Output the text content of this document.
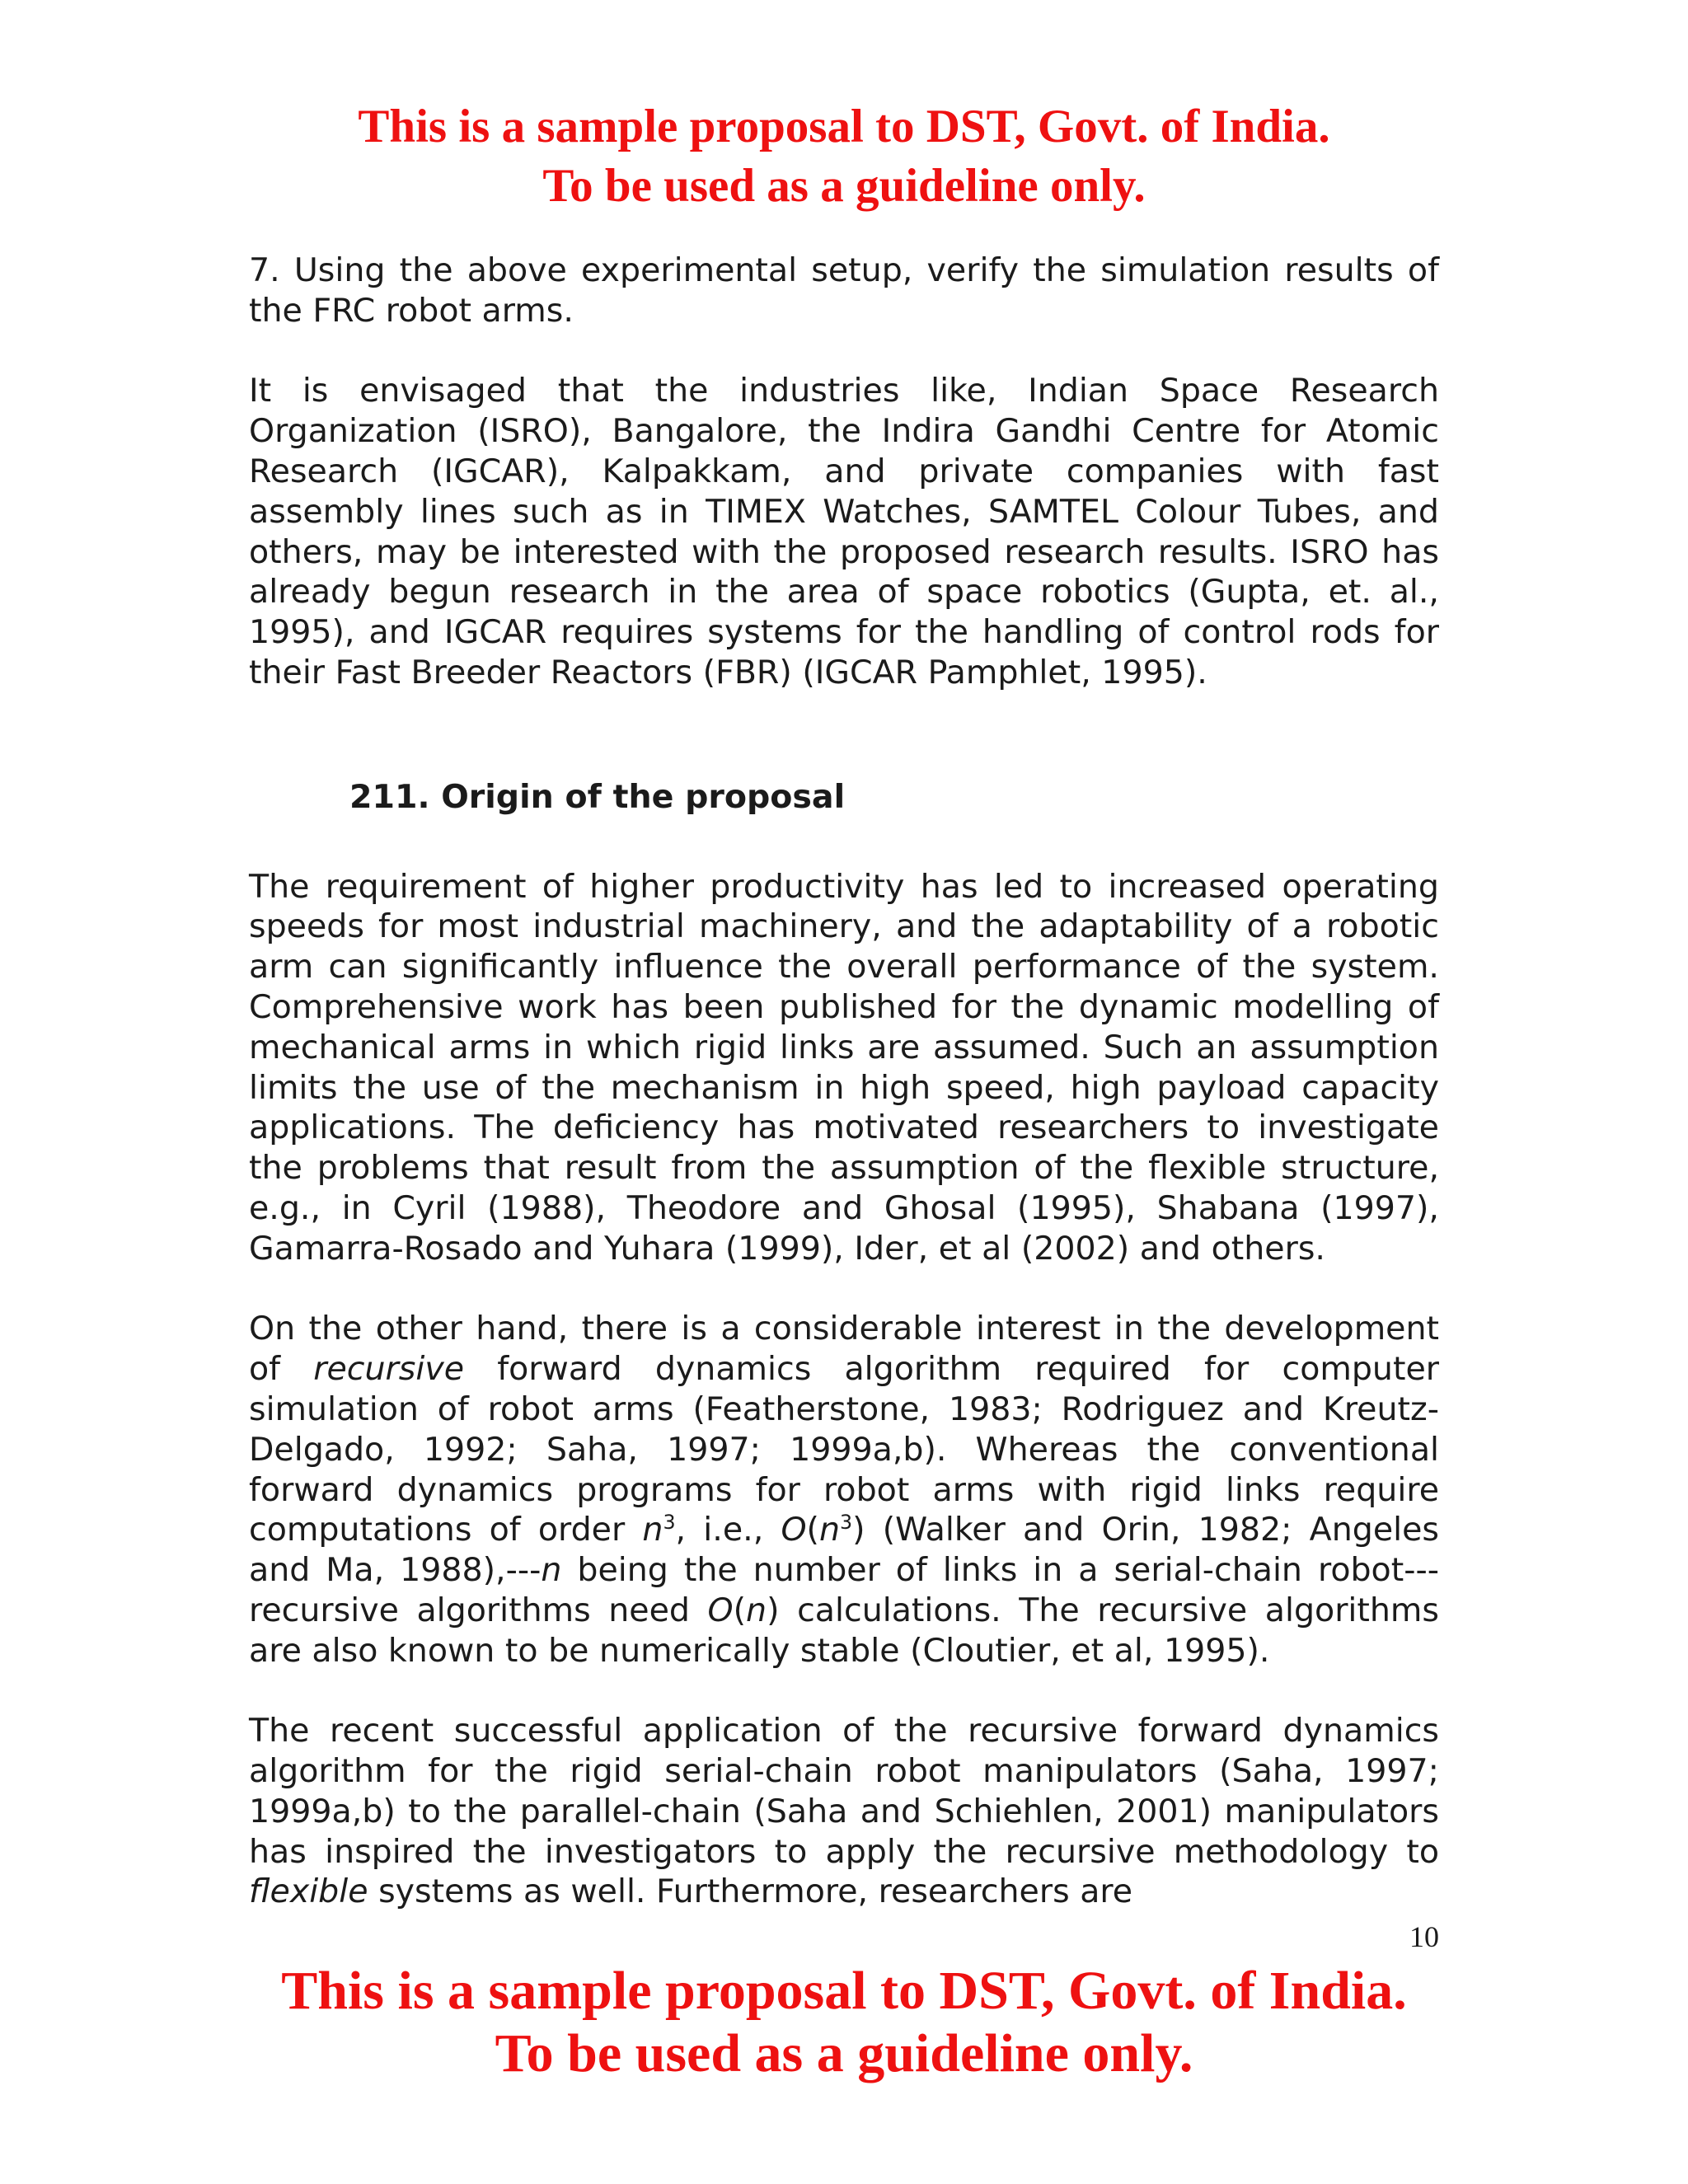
This is a sample proposal to DST, Govt. of India.
To be used as a guideline only.

7. Using the above experimental setup, verify the simulation results of the FRC robot arms.

It is envisaged that the industries like, Indian Space Research Organization (ISRO), Bangalore, the Indira Gandhi Centre for Atomic Research (IGCAR), Kalpakkam, and private companies with fast assembly lines such as in TIMEX Watches, SAMTEL Colour Tubes, and others, may be interested with the proposed research results. ISRO has already begun research in the area of space robotics (Gupta, et. al., 1995), and IGCAR requires systems for the handling of control rods for their Fast Breeder Reactors (FBR) (IGCAR Pamphlet, 1995).

211. Origin of the proposal

The requirement of higher productivity has led to increased operating speeds for most industrial machinery, and the adaptability of a robotic arm can significantly influence the overall performance of the system. Comprehensive work has been published for the dynamic modelling of mechanical arms in which rigid links are assumed. Such an assumption limits the use of the mechanism in high speed, high payload capacity applications. The deficiency has motivated researchers to investigate the problems that result from the assumption of the flexible structure, e.g., in Cyril (1988), Theodore and Ghosal (1995), Shabana (1997), Gamarra-Rosado and Yuhara (1999), Ider, et al (2002) and others.

On the other hand, there is a considerable interest in the development of recursive forward dynamics algorithm required for computer simulation of robot arms (Featherstone, 1983; Rodriguez and Kreutz-Delgado, 1992; Saha, 1997; 1999a,b). Whereas the conventional forward dynamics programs for robot arms with rigid links require computations of order $n^3$, i.e., $O(n^3)$ (Walker and Orin, 1982; Angeles and Ma, 1988),---n being the number of links in a serial-chain robot---recursive algorithms need O(n) calculations. The recursive algorithms are also known to be numerically stable (Cloutier, et al, 1995).

The recent successful application of the recursive forward dynamics algorithm for the rigid serial-chain robot manipulators (Saha, 1997; 1999a,b) to the parallel-chain (Saha and Schiehlen, 2001) manipulators has inspired the investigators to apply the recursive methodology to flexible systems as well. Furthermore, researchers are

10
This is a sample proposal to DST, Govt. of India.
To be used as a guideline only.
